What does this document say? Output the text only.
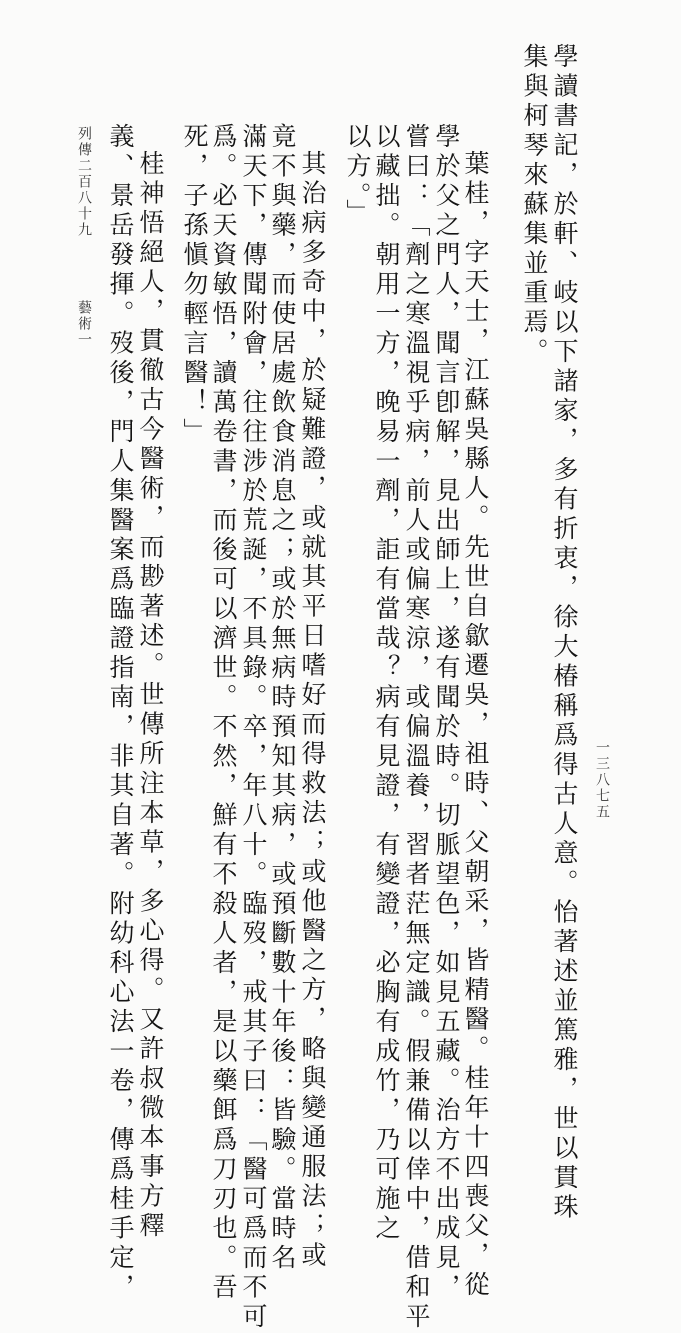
學讀書記，於軒、岐以下諸家，多有折衷，徐大椿稱爲得古人意。怡著述並篤雅，世以貫珠
集與柯琴來蘇集並重焉。
葉桂，字天士，江蘇吳縣人。先世自歙遷吳，祖時、父朝采，皆精醫。桂年十四喪父，從
學於父之門人，聞言卽解，見出師上，遂有聞於時。切脈望色，如見五藏。治方不出成見，
嘗曰：「劑之寒溫視乎病，前人或偏寒涼，或偏溫養，習者茫無定識。假兼備以倖中，借和平
以藏拙。朝用一方，晚易一劑，詎有當哉？病有見證，有變證，必胸有成竹，乃可施之
以方。」
其治病多奇中，於疑難證，或就其平日嗜好而得救法；或他醫之方，略與變通服法；或
竟不與藥，而使居處飲食消息之；或於無病時預知其病，或預斷數十年後：皆驗。當時名
滿天下，傳聞附會，往往涉於荒誕，不具錄。卒，年八十。臨歿，戒其子曰：「醫可爲而不可
爲。必天資敏悟，讀萬卷書，而後可以濟世。不然，鮮有不殺人者，是以藥餌爲刀刃也。吾
死，子孫愼勿輕言醫！」
桂神悟絕人，貫徹古今醫術，而尠著述。世傳所注本草，多心得。又許叔微本事方釋
義、景岳發揮。歿後，門人集醫案爲臨證指南，非其自著。附幼科心法一卷，傳爲桂手定，
列傳二百八十九
藝術一
一三八七五
